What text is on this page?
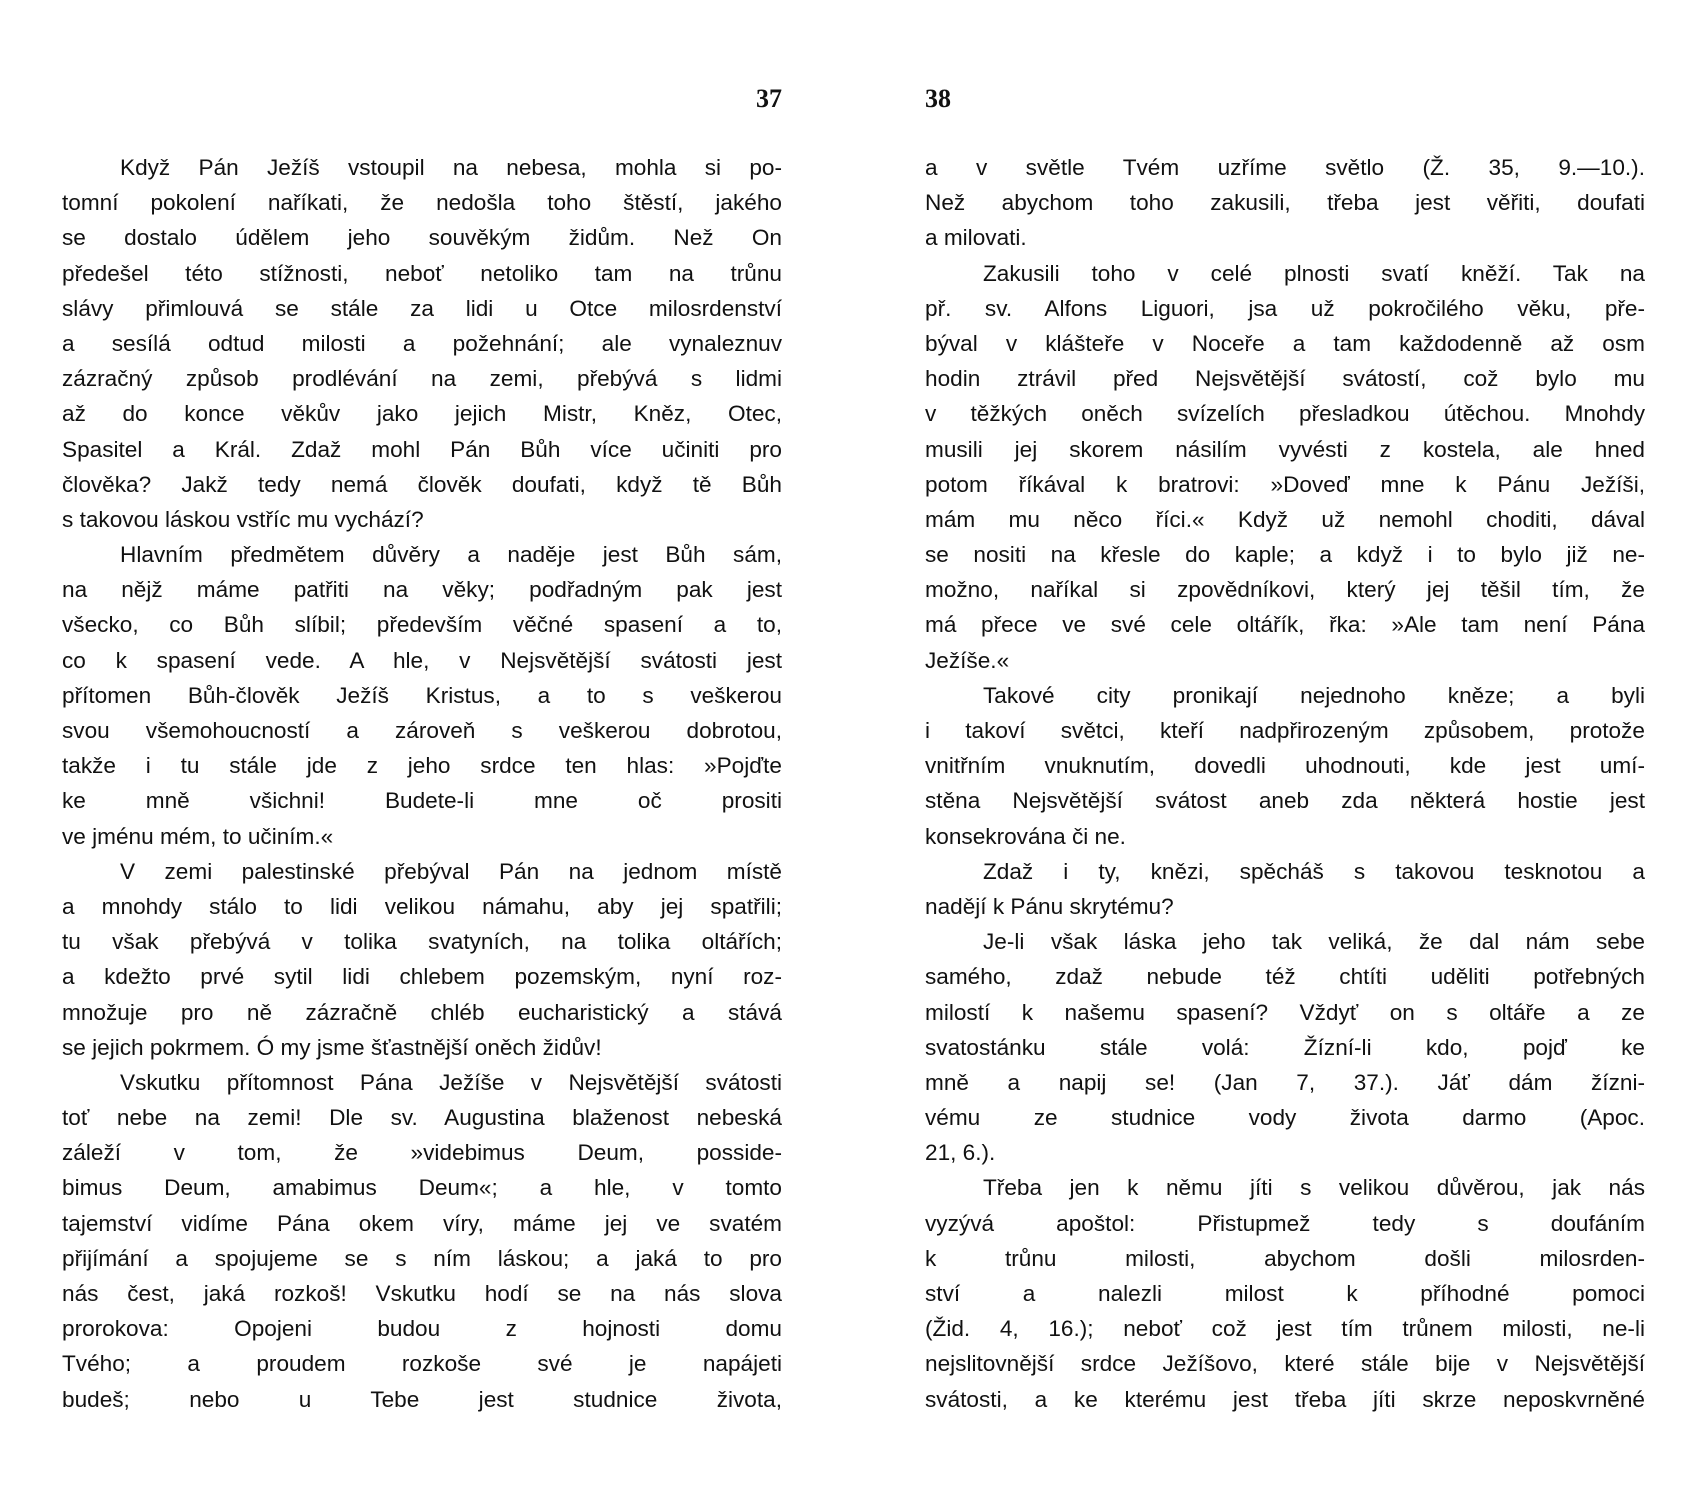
37
Když Pán Ježíš vstoupil na nebesa, mohla si po-
tomní pokolení naříkati, že nedošla toho štěstí, jakého
se dostalo údělem jeho souvěkým židům. Než On
předešel této stížnosti, neboť netoliko tam na trůnu
slávy přimlouvá se stále za lidi u Otce milosrdenství
a sesílá odtud milosti a požehnání; ale vynaleznuv
zázračný způsob prodlévání na zemi, přebývá s lidmi
až do konce věkův jako jejich Mistr, Kněz, Otec,
Spasitel a Král. Zdaž mohl Pán Bůh více učiniti pro
člověka? Jakž tedy nemá člověk doufati, když tě Bůh
s takovou láskou vstříc mu vychází?
Hlavním předmětem důvěry a naděje jest Bůh sám,
na nějž máme patřiti na věky; podřadným pak jest
všecko, co Bůh slíbil; především věčné spasení a to,
co k spasení vede. A hle, v Nejsvětější svátosti jest
přítomen Bůh-člověk Ježíš Kristus, a to s veškerou
svou všemohoucností a zároveň s veškerou dobrotou,
takže i tu stále jde z jeho srdce ten hlas: »Pojďte
ke mně všichni! Budete-li mne oč prositi
ve jménu mém, to učiním.«
V zemi palestinské přebýval Pán na jednom místě
a mnohdy stálo to lidi velikou námahu, aby jej spatřili;
tu však přebývá v tolika svatyních, na tolika oltářích;
a kdežto prvé sytil lidi chlebem pozemským, nyní roz-
množuje pro ně zázračně chléb eucharistický a stává
se jejich pokrmem. Ó my jsme šťastnější oněch židův!
Vskutku přítomnost Pána Ježíše v Nejsvětější svátosti
toť nebe na zemi! Dle sv. Augustina blaženost nebeská
záleží v tom, že »videbimus Deum, posside-
bimus Deum, amabimus Deum«; a hle, v tomto
tajemství vidíme Pána okem víry, máme jej ve svatém
přijímání a spojujeme se s ním láskou; a jaká to pro
nás čest, jaká rozkoš! Vskutku hodí se na nás slova
prorokova: Opojeni budou z hojnosti domu
Tvého; a proudem rozkoše své je napájeti
budeš; nebo u Tebe jest studnice života,
38
a v světle Tvém uzříme světlo (Ž. 35, 9.—10.).
Než abychom toho zakusili, třeba jest věřiti, doufati
a milovati.
Zakusili toho v celé plnosti svatí kněží. Tak na
př. sv. Alfons Liguori, jsa už pokročilého věku, pře-
býval v klášteře v Noceře a tam každodenně až osm
hodin ztrávil před Nejsvětější svátostí, což bylo mu
v těžkých oněch svízelích přesladkou útěchou. Mnohdy
musili jej skorem násilím vyvésti z kostela, ale hned
potom říkával k bratrovi: »Doveď mne k Pánu Ježíši,
mám mu něco říci.« Když už nemohl choditi, dával
se nositi na křesle do kaple; a když i to bylo již ne-
možno, naříkal si zpovědníkovi, který jej těšil tím, že
má přece ve své cele oltářík, řka: »Ale tam není Pána
Ježíše.«
Takové city pronikají nejednoho kněze; a byli
i takoví světci, kteří nadpřirozeným způsobem, protože
vnitřním vnuknutím, dovedli uhodnouti, kde jest umí-
stěna Nejsvětější svátost aneb zda některá hostie jest
konsekrována či ne.
Zdaž i ty, knězi, spěcháš s takovou tesknotou a
nadějí k Pánu skrytému?
Je-li však láska jeho tak veliká, že dal nám sebe
samého, zdaž nebude též chtíti uděliti potřebných
milostí k našemu spasení? Vždyť on s oltáře a ze
svatostánku stále volá: Žízní-li kdo, pojď ke
mně a napij se! (Jan 7, 37.). Jáť dám žízni-
vému ze studnice vody života darmo (Apoc.
21, 6.).
Třeba jen k němu jíti s velikou důvěrou, jak nás
vyzývá apoštol: Přistupmež tedy s doufáním
k trůnu milosti, abychom došli milosrden-
ství a nalezli milost k příhodné pomoci
(Žid. 4, 16.); neboť což jest tím trůnem milosti, ne-li
nejslitovnější srdce Ježíšovo, které stále bije v Nejsvětější
svátosti, a ke kterému jest třeba jíti skrze neposkvrněné
